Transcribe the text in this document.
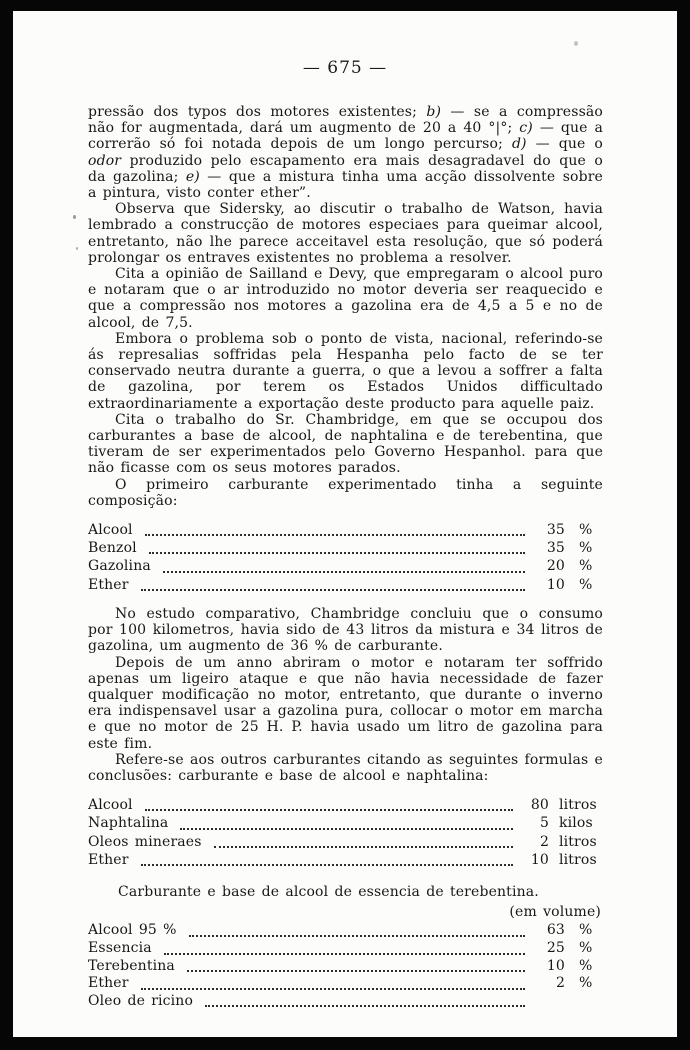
— 675 —

pressão dos typos dos motores existentes; b) — se a compressão não for augmentada, dará um augmento de 20 a 40 °|°; c) — que a correrão só foi notada depois de um longo percurso; d) — que o odor produzido pelo escapamento era mais desagradavel do que o da gazolina; e) — que a mistura tinha uma acção dissolvente sobre a pintura, visto conter ether”.

Observa que Sidersky, ao discutir o trabalho de Watson, havia lembrado a construcção de motores especiaes para queimar alcool, entretanto, não lhe parece acceitavel esta resolução, que só poderá prolongar os entraves existentes no problema a resolver.

Cita a opinião de Sailland e Devy, que empregaram o alcool puro e notaram que o ar introduzido no motor deveria ser reaquecido e que a compressão nos motores a gazolina era de 4,5 a 5 e no de alcool, de 7,5.

Embora o problema sob o ponto de vista, nacional, referindo-se ás represalias soffridas pela Hespanha pelo facto de se ter conservado neutra durante a guerra, o que a levou a soffrer a falta de gazolina, por terem os Estados Unidos difficultado extraordinariamente a exportação deste producto para aquelle paiz.

Cita o trabalho do Sr. Chambridge, em que se occupou dos carburantes a base de alcool, de naphtalina e de terebentina, que tiveram de ser experimentados pelo Governo Hespanhol. para que não ficasse com os seus motores parados.

O primeiro carburante experimentado tinha a seguinte composição:

Alcool	35 %
Benzol	35 %
Gazolina	20 %
Ether	10 %

No estudo comparativo, Chambridge concluiu que o consumo por 100 kilometros, havia sido de 43 litros da mistura e 34 litros de gazolina, um augmento de 36 % de carburante.

Depois de um anno abriram o motor e notaram ter soffrido apenas um ligeiro ataque e que não havia necessidade de fazer qualquer modificação no motor, entretanto, que durante o inverno era indispensavel usar a gazolina pura, collocar o motor em marcha e que no motor de 25 H. P. havia usado um litro de gazolina para este fim.

Refere-se aos outros carburantes citando as seguintes formulas e conclusões: carburante e base de alcool e naphtalina:

Alcool	80 litros
Naphtalina	5 kilos
Oleos mineraes	2 litros
Ether	10 litros

Carburante e base de alcool de essencia de terebentina.

(em volume)

Alcool 95 %	63 %
Essencia	25 %
Terebentina	10 %
Ether	2 %
Oleo de ricino
